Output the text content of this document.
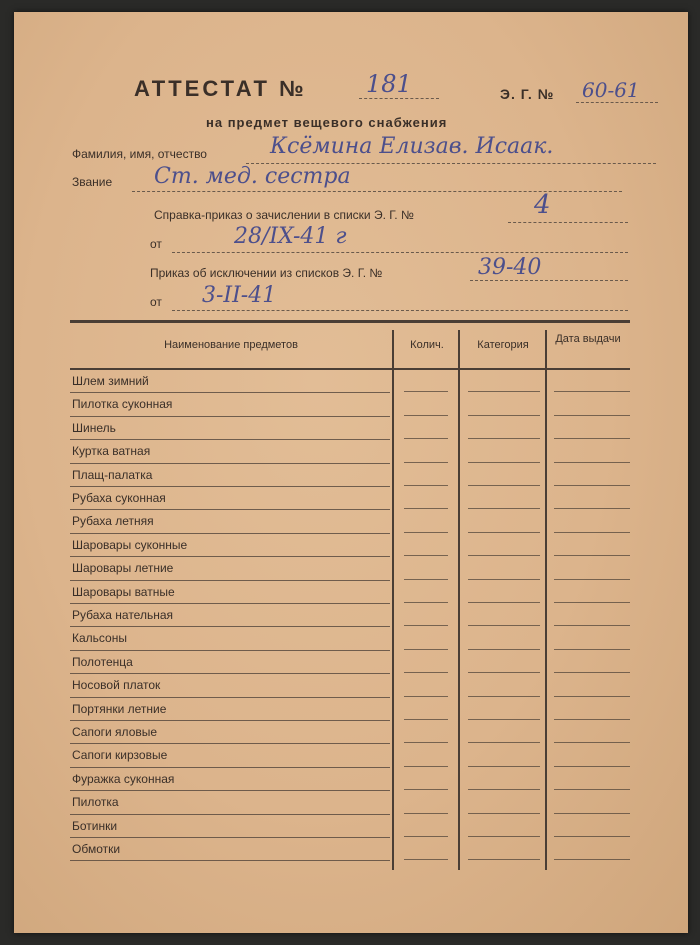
АТТЕСТАТ № 181	Э. Г. № 60-61
на предмет вещевого снабжения
Фамилия, имя, отчество	Ксёмина Елизав. Исаак.
Звание Ст. мед. сестра
Справка-приказ о зачислении в списки Э. Г. №	4
от	28/IX-41 г
Приказ об исключении из списков Э. Г. №	39-40
от 3-II-41
Наименование предметов	Колич.	Категория	Дата выдачи
Шлем зимний
Пилотка суконная
Шинель
Куртка ватная
Плащ-палатка
Рубаха суконная
Рубаха летняя
Шаровары суконные
Шаровары летние
Шаровары ватные
Рубаха нательная
Кальсоны
Полотенца
Носовой платок
Портянки летние
Сапоги яловые
Сапоги кирзовые
Фуражка суконная
Пилотка
Ботинки
Обмотки
